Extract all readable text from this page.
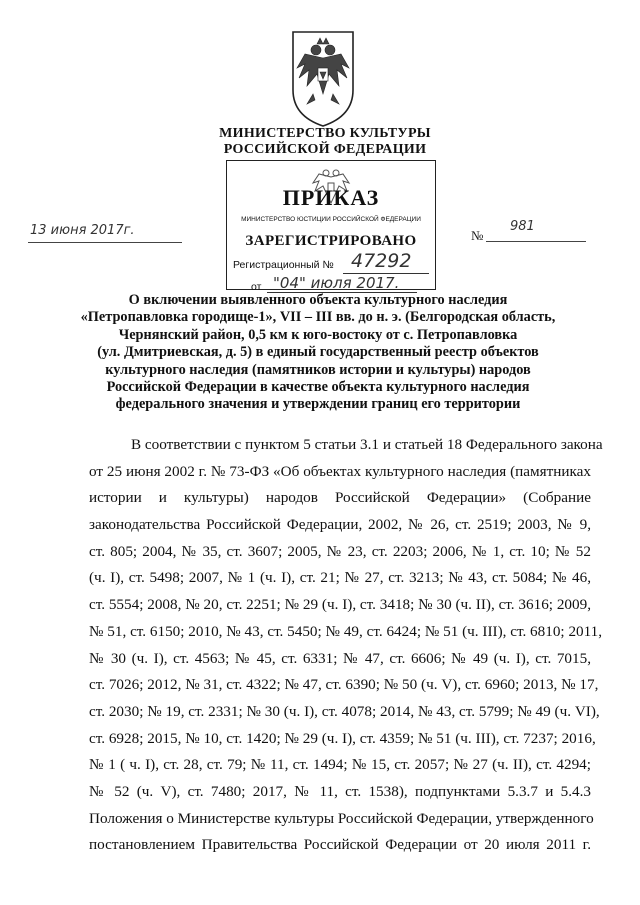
МИНИСТЕРСТВО КУЛЬТУРЫ
РОССИЙСКОЙ ФЕДЕРАЦИИ
ПРИКАЗ
МИНИСТЕРСТВО ЮСТИЦИИ РОССИЙСКОЙ ФЕДЕРАЦИИ
ЗАРЕГИСТРИРОВАНО
Регистрационный № 47292
от "04" июля 2017.
13 июня 2017г.	№
981
О включении выявленного объекта культурного наследия
«Петропавловка городище-1», VII – III вв. до н. э. (Белгородская область,
Чернянский район, 0,5 км к юго-востоку от с. Петропавловка
(ул. Дмитриевская, д. 5) в единый государственный реестр объектов
культурного наследия (памятников истории и культуры) народов
Российской Федерации в качестве объекта культурного наследия
федерального значения и утверждении границ его территории
В соответствии с пунктом 5 статьи 3.1 и статьей 18 Федерального закона
от 25 июня 2002 г. № 73-ФЗ «Об объектах культурного наследия (памятниках
истории и культуры) народов Российской Федерации» (Собрание
законодательства Российской Федерации, 2002, № 26, ст. 2519; 2003, № 9,
ст. 805; 2004, № 35, ст. 3607; 2005, № 23, ст. 2203; 2006, № 1, ст. 10; № 52
(ч. I), ст. 5498; 2007, № 1 (ч. I), ст. 21; № 27, ст. 3213; № 43, ст. 5084; № 46,
ст. 5554; 2008, № 20, ст. 2251; № 29 (ч. I), ст. 3418; № 30 (ч. II), ст. 3616; 2009,
№ 51, ст. 6150; 2010, № 43, ст. 5450; № 49, ст. 6424; № 51 (ч. III), ст. 6810; 2011,
№ 30 (ч. I), ст. 4563; № 45, ст. 6331; № 47, ст. 6606; № 49 (ч. I), ст. 7015,
ст. 7026; 2012, № 31, ст. 4322; № 47, ст. 6390; № 50 (ч. V), ст. 6960; 2013, № 17,
ст. 2030; № 19, ст. 2331; № 30 (ч. I), ст. 4078; 2014, № 43, ст. 5799; № 49 (ч. VI),
ст. 6928; 2015, № 10, ст. 1420; № 29 (ч. I), ст. 4359; № 51 (ч. III), ст. 7237; 2016,
№ 1 ( ч. I), ст. 28, ст. 79; № 11, ст. 1494; № 15, ст. 2057; № 27 (ч. II), ст. 4294;
№ 52 (ч. V), ст. 7480; 2017, № 11, ст. 1538), подпунктами 5.3.7 и 5.4.3
Положения о Министерстве культуры Российской Федерации, утвержденного
постановлением Правительства Российской Федерации от 20 июля 2011 г.
